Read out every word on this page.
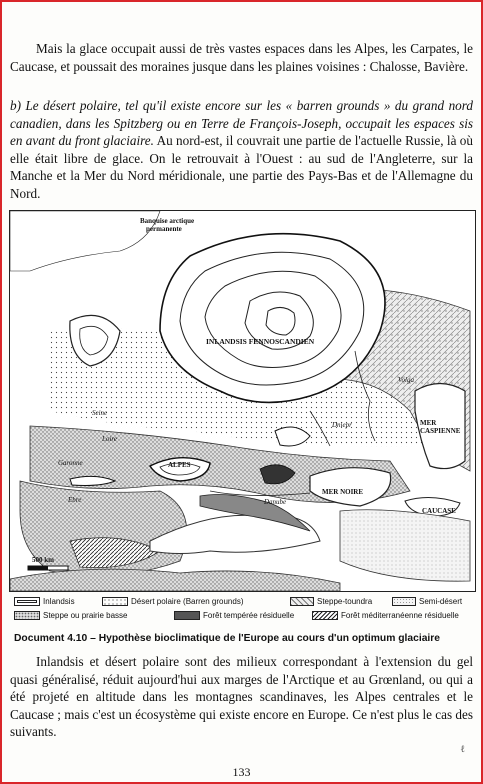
Mais la glace occupait aussi de très vastes espaces dans les Alpes, les Carpates, le Caucase, et poussait des moraines jusque dans les plaines voisines : Chalosse, Bavière.

b) Le désert polaire, tel qu'il existe encore sur les « barren grounds » du grand nord canadien, dans les Spitzberg ou en Terre de François-Joseph, occupait les espaces sis en avant du front glaciaire. Au nord-est, il couvrait une partie de l'actuelle Russie, là où elle était libre de glace. On le retrouvait à l'Ouest : au sud de l'Angleterre, sur la Manche et la Mer du Nord méridionale, une partie des Pays-Bas et de l'Allemagne du Nord.

Banquise arctique
permanente
INLANDSIS FENNOSCANDIEN
Volga
Dniepr	MER
CASPIENNE
Seine
Loire
Garonne	ALPES
Ebre	Danube
MER NOIRE
CAUCASE
500 km
Inlandsis	Désert polaire (Barren grounds)	Steppe-toundra	Semi-désert
Steppe ou prairie basse	Forêt tempérée résiduelle	Forêt méditerranéenne résiduelle
Document 4.10 – Hypothèse bioclimatique de l'Europe au cours d'un optimum glaciaire

Inlandsis et désert polaire sont des milieux correspondant à l'extension du gel quasi généralisé, réduit aujourd'hui aux marges de l'Arctique et au Grœnland, ou qui a été projeté en altitude dans les montagnes scandinaves, les Alpes centrales et le Caucase ; mais c'est un écosystème qui existe encore en Europe. Ce n'est plus le cas des suivants.

ℓ
133
